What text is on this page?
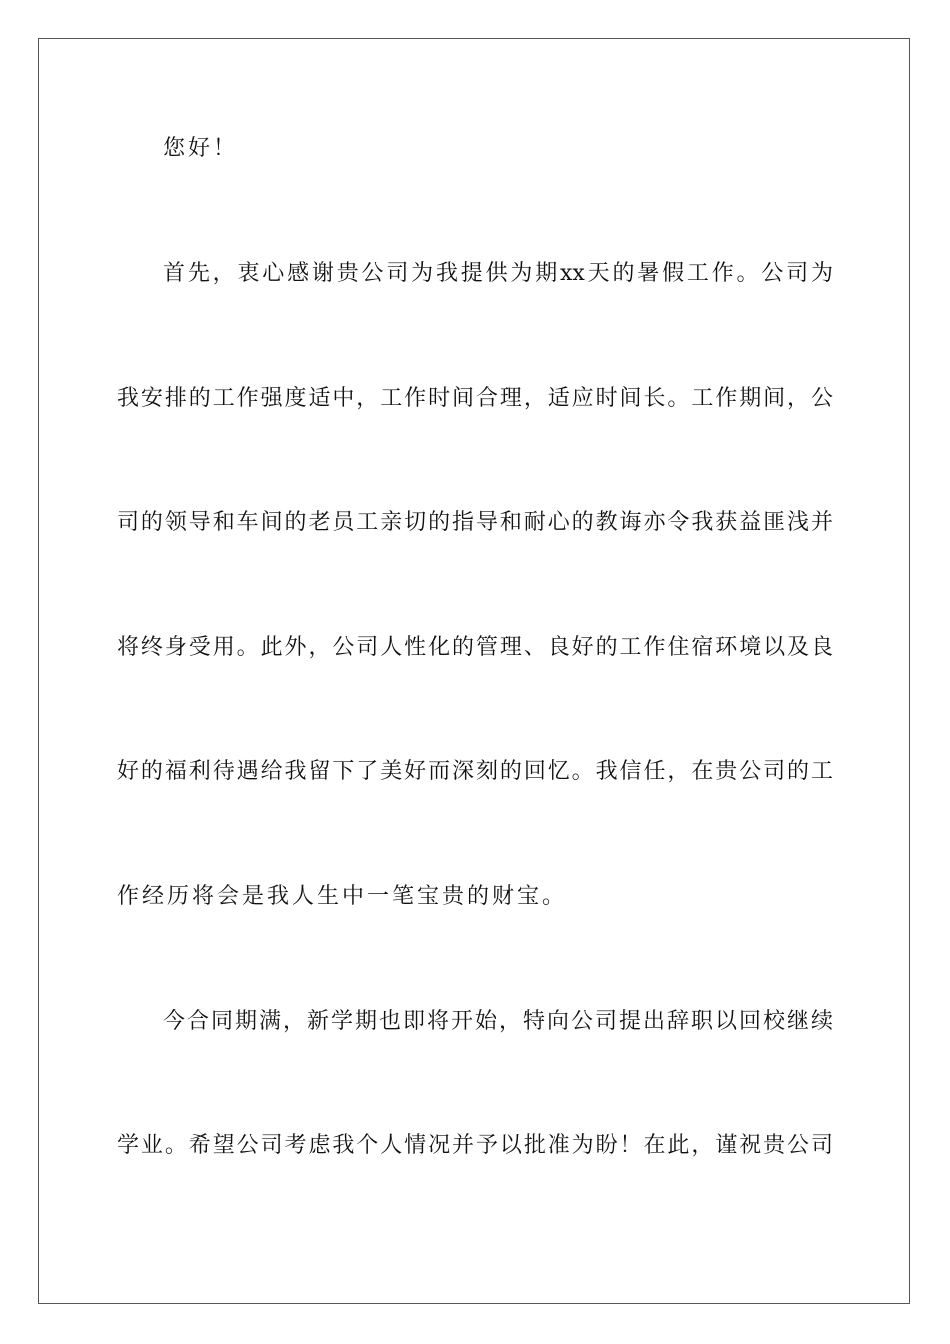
您好！
首先，衷心感谢贵公司为我提供为期xx天的暑假工作。公司为
我安排的工作强度适中，工作时间合理，适应时间长。工作期间，公
司的领导和车间的老员工亲切的指导和耐心的教诲亦令我获益匪浅并
将终身受用。此外，公司人性化的管理、良好的工作住宿环境以及良
好的福利待遇给我留下了美好而深刻的回忆。我信任，在贵公司的工
作经历将会是我人生中一笔宝贵的财宝。
今合同期满，新学期也即将开始，特向公司提出辞职以回校继续
学业。希望公司考虑我个人情况并予以批准为盼！在此，谨祝贵公司
